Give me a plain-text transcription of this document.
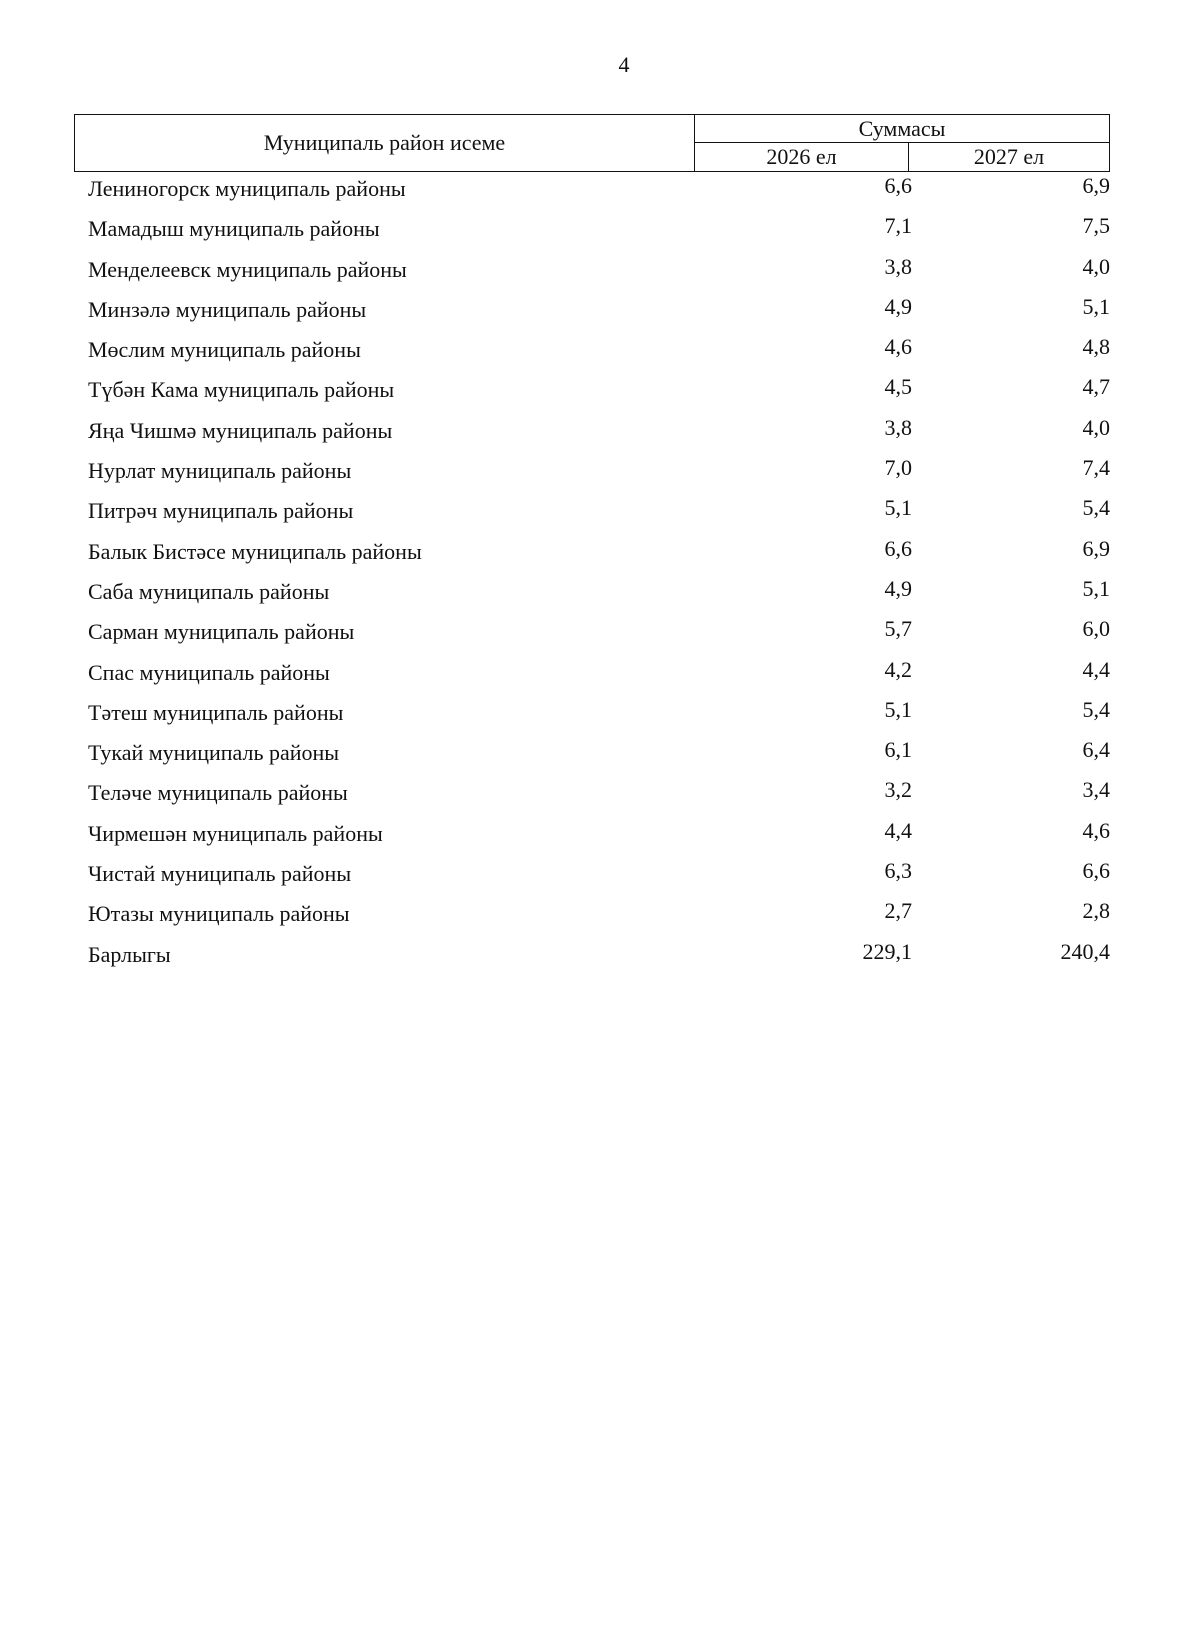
4
Муниципаль район исеме
Суммасы
2026 ел	2027 ел
Лениногорск муниципаль районы	6,6	6,9
Мамадыш муниципаль районы	7,1	7,5
Менделеевск муниципаль районы	3,8	4,0
Минзәлә муниципаль районы	4,9	5,1
Мөслим муниципаль районы	4,6	4,8
Түбән Кама муниципаль районы	4,5	4,7
Яңа Чишмә муниципаль районы	3,8	4,0
Нурлат муниципаль районы	7,0	7,4
Питрәч муниципаль районы	5,1	5,4
Балык Бистәсе муниципаль районы	6,6	6,9
Саба муниципаль районы	4,9	5,1
Сарман муниципаль районы	5,7	6,0
Спас муниципаль районы	4,2	4,4
Тәтеш муниципаль районы	5,1	5,4
Тукай муниципаль районы	6,1	6,4
Теләче муниципаль районы	3,2	3,4
Чирмешән муниципаль районы	4,4	4,6
Чистай муниципаль районы	6,3	6,6
Ютазы муниципаль районы	2,7	2,8
Барлыгы	229,1	240,4
